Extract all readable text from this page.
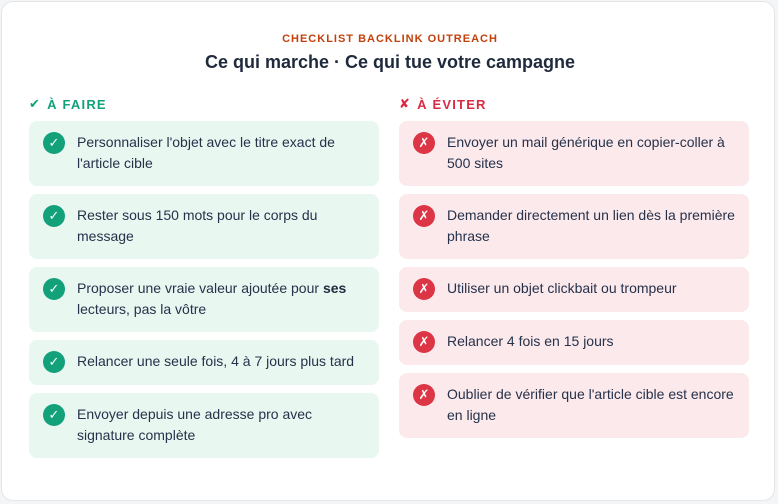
CHECKLIST BACKLINK OUTREACH
Ce qui marche · Ce qui tue votre campagne
✔ À FAIRE
✓	Personnaliser l'objet avec le titre exact de l'article cible
✓	Rester sous 150 mots pour le corps du message
✓	Proposer une vraie valeur ajoutée pour ses lecteurs, pas la vôtre
✓	Relancer une seule fois, 4 à 7 jours plus tard
✓	Envoyer depuis une adresse pro avec signature complète
✘ À ÉVITER
✗	Envoyer un mail générique en copier-coller à 500 sites
✗	Demander directement un lien dès la première phrase
✗	Utiliser un objet clickbait ou trompeur
✗	Relancer 4 fois en 15 jours
✗	Oublier de vérifier que l'article cible est encore en ligne
